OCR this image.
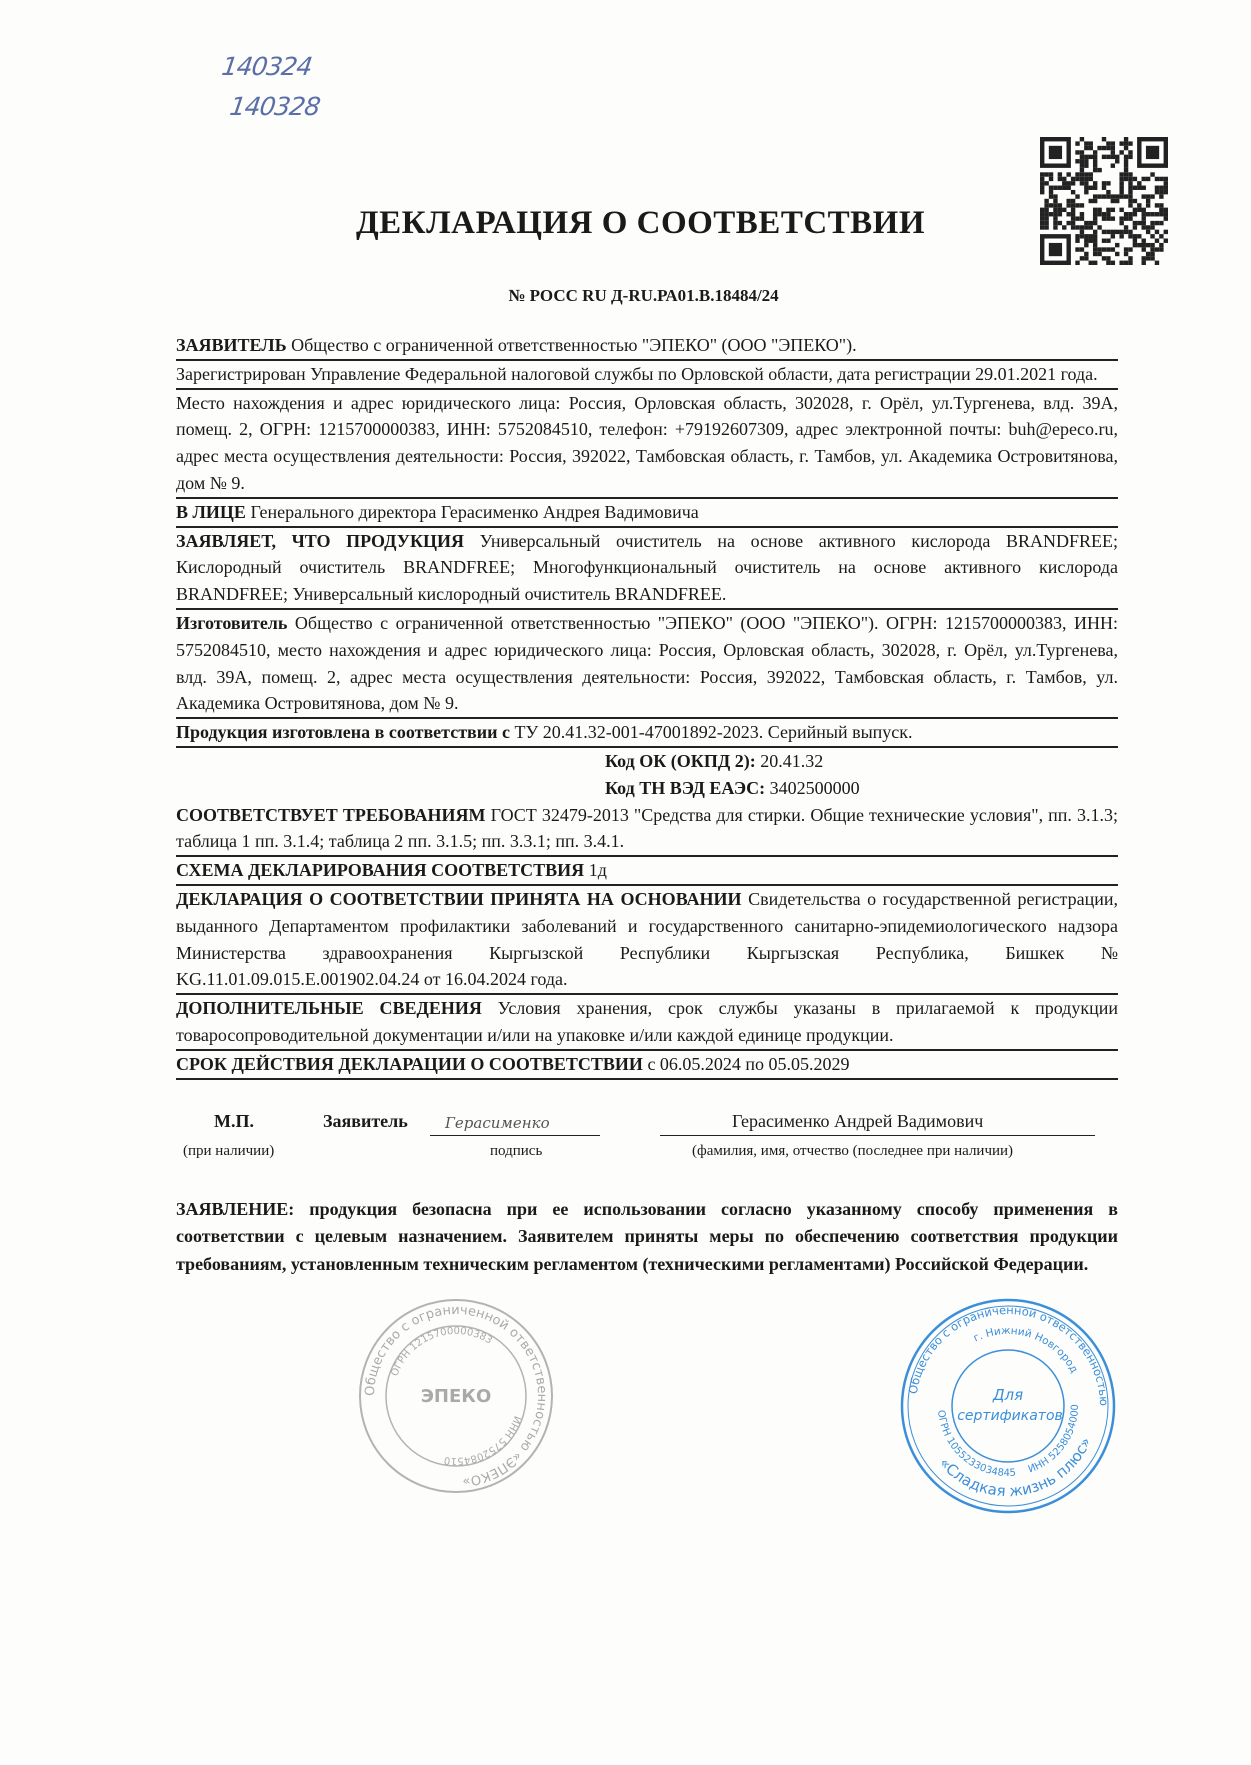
140324
140328
ДЕКЛАРАЦИЯ О СООТВЕТСТВИИ
№ РОСС RU Д-RU.РА01.В.18484/24
ЗАЯВИТЕЛЬ Общество с ограниченной ответственностью "ЭПЕКО" (ООО "ЭПЕКО").
Зарегистрирован Управление Федеральной налоговой службы по Орловской области, дата регистрации 29.01.2021 года.
Место нахождения и адрес юридического лица: Россия, Орловская область, 302028, г. Орёл, ул.Тургенева, влд. 39А, помещ. 2, ОГРН: 1215700000383, ИНН: 5752084510, телефон: +79192607309, адрес электронной почты: buh@epeco.ru, адрес места осуществления деятельности: Россия, 392022, Тамбовская область, г. Тамбов, ул. Академика Островитянова, дом № 9.
В ЛИЦЕ Генерального директора Герасименко Андрея Вадимовича
ЗАЯВЛЯЕТ, ЧТО ПРОДУКЦИЯ Универсальный очиститель на основе активного кислорода BRANDFREE; Кислородный очиститель BRANDFREE; Многофункциональный очиститель на основе активного кислорода BRANDFREE; Универсальный кислородный очиститель BRANDFREE.
Изготовитель Общество с ограниченной ответственностью "ЭПЕКО" (ООО "ЭПЕКО"). ОГРН: 1215700000383, ИНН: 5752084510, место нахождения и адрес юридического лица: Россия, Орловская область, 302028, г. Орёл, ул.Тургенева, влд. 39А, помещ. 2, адрес места осуществления деятельности: Россия, 392022, Тамбовская область, г. Тамбов, ул. Академика Островитянова, дом № 9.
Продукция изготовлена в соответствии с ТУ 20.41.32-001-47001892-2023. Серийный выпуск.
Код ОК (ОКПД 2): 20.41.32
Код ТН ВЭД ЕАЭС: 3402500000
СООТВЕТСТВУЕТ ТРЕБОВАНИЯМ ГОСТ 32479-2013 "Средства для стирки. Общие технические условия", пп. 3.1.3; таблица 1 пп. 3.1.4; таблица 2 пп. 3.1.5; пп. 3.3.1; пп. 3.4.1.
СХЕМА ДЕКЛАРИРОВАНИЯ СООТВЕТСТВИЯ 1д
ДЕКЛАРАЦИЯ О СООТВЕТСТВИИ ПРИНЯТА НА ОСНОВАНИИ Свидетельства о государственной регистрации, выданного Департаментом профилактики заболеваний и государственного санитарно-эпидемиологического надзора Министерства здравоохранения Кыргызской Республики Кыргызская Республика, Бишкек № KG.11.01.09.015.Е.001902.04.24 от 16.04.2024 года.
ДОПОЛНИТЕЛЬНЫЕ СВЕДЕНИЯ Условия хранения, срок службы указаны в прилагаемой к продукции товаросопроводительной документации и/или на упаковке и/или каждой единице продукции.
СРОК ДЕЙСТВИЯ ДЕКЛАРАЦИИ О СООТВЕТСТВИИ с 06.05.2024 по 05.05.2029
М.П.
(при наличии)
Заявитель Герасименко
подпись
Герасименко Андрей Вадимович
(фамилия, имя, отчество (последнее при наличии)
ЗАЯВЛЕНИЕ: продукция безопасна при ее использовании согласно указанному способу применения в соответствии с целевым назначением. Заявителем приняты меры по обеспечению соответствия продукции требованиям, установленным техническим регламентом (техническими регламентами) Российской Федерации.
Общество с ограниченной ответственностью «ЭПЕКО»
ОГРН 1215700000383
ИНН 5752084510
ЭПЕКО	Общество с ограниченной ответственностью
г. Нижний Новгород
«Сладкая жизнь плюс»
ОГРН 1055233034845 ИНН 5258054000
Для
сертификатов
